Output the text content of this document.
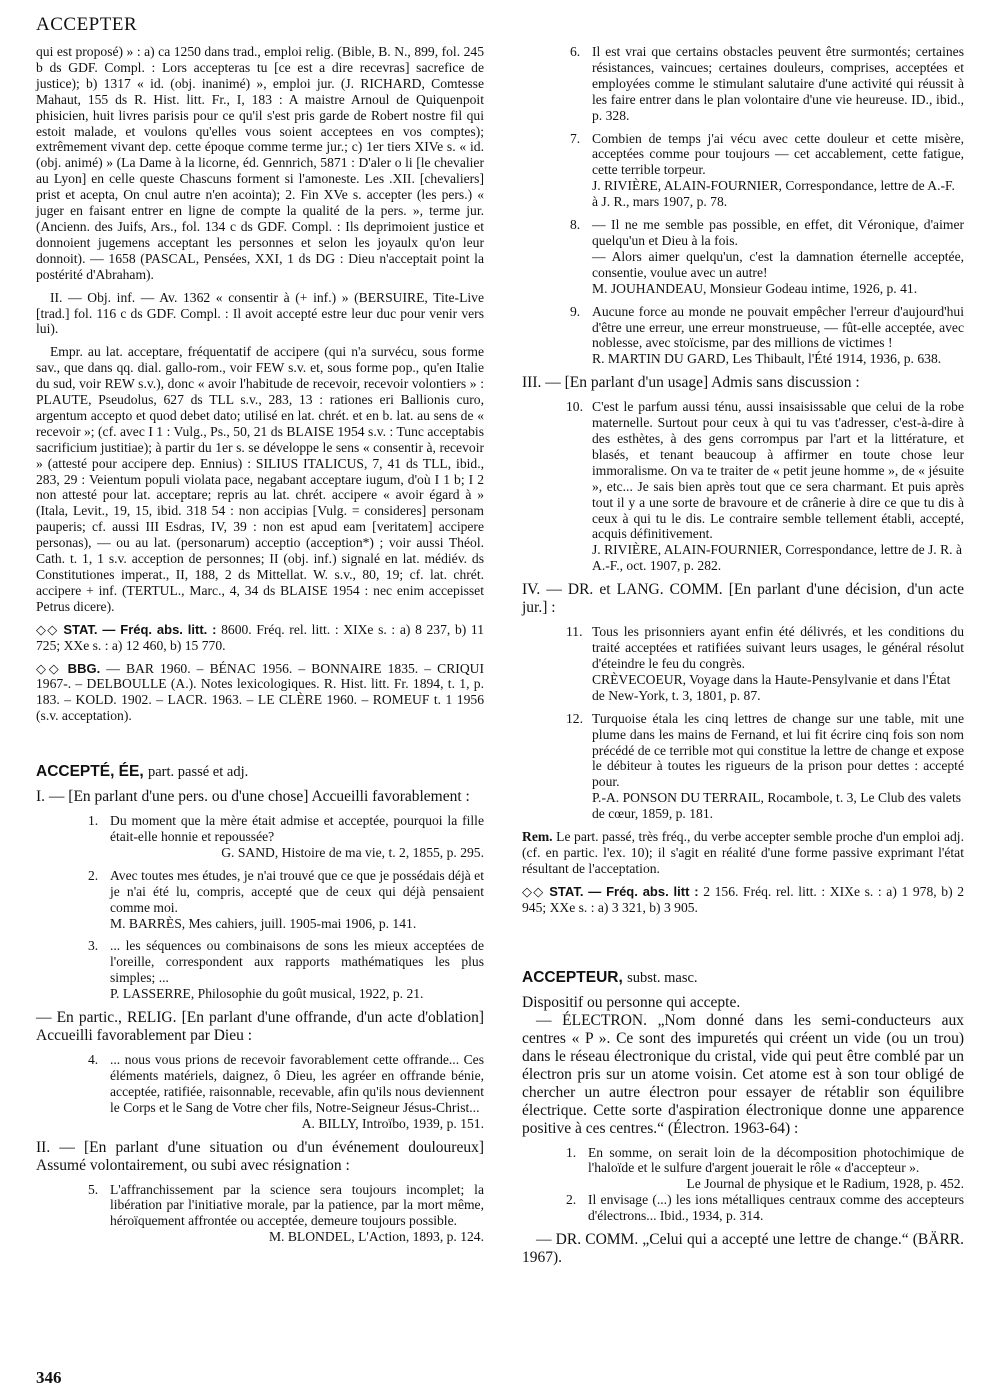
ACCEPTER

qui est proposé) » : a) ca 1250 dans trad., emploi relig. (Bible, B. N., 899, fol. 245 b ds GDF. Compl. : Lors accepteras tu [ce est a dire recevras] sacrefice de justice); b) 1317 « id. (obj. inanimé) », emploi jur. (J. RICHARD, Comtesse Mahaut, 155 ds R. Hist. litt. Fr., I, 183 : A maistre Arnoul de Quiquenpoit phisicien, huit livres parisis pour ce qu'il s'est pris garde de Robert nostre fil qui estoit malade, et voulons qu'elles vous soient acceptees en vos comptes); extrêmement vivant dep. cette époque comme terme jur.; c) 1er tiers XIVe s. « id. (obj. animé) » (La Dame à la licorne, éd. Gennrich, 5871 : D'aler o li [le chevalier au Lyon] en celle queste Chascuns forment si l'amoneste. Les .XII. [chevaliers] prist et acepta, On cnul autre n'en acointa); 2. Fin XVe s. accepter (les pers.) « juger en faisant entrer en ligne de compte la qualité de la pers. », terme jur. (Ancienn. des Juifs, Ars., fol. 134 c ds GDF. Compl. : Ils deprimoient justice et donnoient jugemens acceptant les personnes et selon les joyaulx qu'on leur donnoit). — 1658 (PASCAL, Pensées, XXI, 1 ds DG : Dieu n'acceptait point la postérité d'Abraham).

II. — Obj. inf. — Av. 1362 « consentir à (+ inf.) » (BERSUIRE, Tite-Live [trad.] fol. 116 c ds GDF. Compl. : Il avoit accepté estre leur duc pour venir vers lui).

Empr. au lat. acceptare, fréquentatif de accipere (qui n'a survécu, sous forme sav., que dans qq. dial. gallo-rom., voir FEW s.v. et, sous forme pop., qu'en Italie du sud, voir REW s.v.), donc « avoir l'habitude de recevoir, recevoir volontiers » : PLAUTE, Pseudolus, 627 ds TLL s.v., 283, 13 : rationes eri Ballionis curo, argentum accepto et quod debet dato; utilisé en lat. chrét. et en b. lat. au sens de « recevoir »; (cf. avec I 1 : Vulg., Ps., 50, 21 ds BLAISE 1954 s.v. : Tunc acceptabis sacrificium justitiae); à partir du 1er s. se développe le sens « consentir à, recevoir » (attesté pour accipere dep. Ennius) : SILIUS ITALICUS, 7, 41 ds TLL, ibid., 283, 29 : Veientum populi violata pace, negabant acceptare iugum, d'où I 1 b; I 2 non attesté pour lat. acceptare; repris au lat. chrét. accipere « avoir égard à » (Itala, Levit., 19, 15, ibid. 318 54 : non accipias [Vulg. = consideres] personam pauperis; cf. aussi III Esdras, IV, 39 : non est apud eam [veritatem] accipere personas), — ou au lat. (personarum) acceptio (acception*) ; voir aussi Théol. Cath. t. 1, 1 s.v. acception de personnes; II (obj. inf.) signalé en lat. médiév. ds Constitutiones imperat., II, 188, 2 ds Mittellat. W. s.v., 80, 19; cf. lat. chrét. accipere + inf. (TERTUL., Marc., 4, 34 ds BLAISE 1954 : nec enim accepisset Petrus dicere).

◇◇ STAT. — Fréq. abs. litt. : 8600. Fréq. rel. litt. : XIXe s. : a) 8 237, b) 11 725; XXe s. : a) 12 460, b) 15 770.

◇◇ BBG. — BAR 1960. – BÉNAC 1956. – BONNAIRE 1835. – CRIQUI 1967-. – DELBOULLE (A.). Notes lexicologiques. R. Hist. litt. Fr. 1894, t. 1, p. 183. – KOLD. 1902. – LACR. 1963. – LE CLÈRE 1960. – ROMEUF t. 1 1956 (s.v. acceptation).

ACCEPTÉ, ÉE, part. passé et adj.

I. — [En parlant d'une pers. ou d'une chose] Accueilli favorablement :

1. Du moment que la mère était admise et acceptée, pourquoi la fille était-elle honnie et repoussée?

G. SAND, Histoire de ma vie, t. 2, 1855, p. 295.

2. Avec toutes mes études, je n'ai trouvé que ce que je possédais déjà et je n'ai été lu, compris, accepté que de ceux qui déjà pensaient comme moi.

M. BARRÈS, Mes cahiers, juill. 1905-mai 1906, p. 141.

3. ... les séquences ou combinaisons de sons les mieux acceptées de l'oreille, correspondent aux rapports mathématiques les plus simples; ...

P. LASSERRE, Philosophie du goût musical, 1922, p. 21.

— En partic., RELIG. [En parlant d'une offrande, d'un acte d'oblation] Accueilli favorablement par Dieu :

4. ... nous vous prions de recevoir favorablement cette offrande... Ces éléments matériels, daignez, ô Dieu, les agréer en offrande bénie, acceptée, ratifiée, raisonnable, recevable, afin qu'ils nous deviennent le Corps et le Sang de Votre cher fils, Notre-Seigneur Jésus-Christ...

A. BILLY, Introïbo, 1939, p. 151.

II. — [En parlant d'une situation ou d'un événement douloureux] Assumé volontairement, ou subi avec résignation :

5. L'affranchissement par la science sera toujours incomplet; la libération par l'initiative morale, par la patience, par la mort même, héroïquement affrontée ou acceptée, demeure toujours possible.

M. BLONDEL, L'Action, 1893, p. 124.

6. Il est vrai que certains obstacles peuvent être surmontés; certaines résistances, vaincues; certaines douleurs, comprises, acceptées et employées comme le stimulant salutaire d'une activité qui réussit à les faire entrer dans le plan volontaire d'une vie heureuse. ID., ibid., p. 328.

7. Combien de temps j'ai vécu avec cette douleur et cette misère, acceptées comme pour toujours — cet accablement, cette fatigue, cette terrible torpeur.

J. RIVIÈRE, ALAIN-FOURNIER, Correspondance, lettre de A.-F. à J. R., mars 1907, p. 78.

8. — Il ne me semble pas possible, en effet, dit Véronique, d'aimer quelqu'un et Dieu à la fois.

— Alors aimer quelqu'un, c'est la damnation éternelle acceptée, consentie, voulue avec un autre!

M. JOUHANDEAU, Monsieur Godeau intime, 1926, p. 41.

9. Aucune force au monde ne pouvait empêcher l'erreur d'aujourd'hui d'être une erreur, une erreur monstrueuse, — fût-elle acceptée, avec noblesse, avec stoïcisme, par des millions de victimes !

R. MARTIN DU GARD, Les Thibault, l'Été 1914, 1936, p. 638.

III. — [En parlant d'un usage] Admis sans discussion :

10. C'est le parfum aussi ténu, aussi insaisissable que celui de la robe maternelle. Surtout pour ceux à qui tu vas t'adresser, c'est-à-dire à des esthètes, à des gens corrompus par l'art et la littérature, et blasés, et tenant beaucoup à affirmer en toute chose leur immoralisme. On va te traiter de « petit jeune homme », de « jésuite », etc... Je sais bien après tout que ce sera charmant. Et puis après tout il y a une sorte de bravoure et de crânerie à dire ce que tu dis à ceux à qui tu le dis. Le contraire semble tellement établi, accepté, acquis définitivement.

J. RIVIÈRE, ALAIN-FOURNIER, Correspondance, lettre de J. R. à A.-F., oct. 1907, p. 282.

IV. — DR. et LANG. COMM. [En parlant d'une décision, d'un acte jur.] :

11. Tous les prisonniers ayant enfin été délivrés, et les conditions du traité acceptées et ratifiées suivant leurs usages, le général résolut d'éteindre le feu du congrès.

CRÈVECOEUR, Voyage dans la Haute-Pensylvanie et dans l'État de New-York, t. 3, 1801, p. 87.

12. Turquoise étala les cinq lettres de change sur une table, mit une plume dans les mains de Fernand, et lui fit écrire cinq fois son nom précédé de ce terrible mot qui constitue la lettre de change et expose le débiteur à toutes les rigueurs de la prison pour dettes : accepté pour.

P.-A. PONSON DU TERRAIL, Rocambole, t. 3, Le Club des valets de cœur, 1859, p. 181.

Rem. Le part. passé, très fréq., du verbe accepter semble proche d'un emploi adj. (cf. en partic. l'ex. 10); il s'agit en réalité d'une forme passive exprimant l'état résultant de l'acceptation.

◇◇ STAT. — Fréq. abs. litt : 2 156. Fréq. rel. litt. : XIXe s. : a) 1 978, b) 2 945; XXe s. : a) 3 321, b) 3 905.

ACCEPTEUR, subst. masc.

Dispositif ou personne qui accepte.

— ÉLECTRON. „Nom donné dans les semi-conducteurs aux centres « P ». Ce sont des impuretés qui créent un vide (ou un trou) dans le réseau électronique du cristal, vide qui peut être comblé par un électron pris sur un atome voisin. Cet atome est à son tour obligé de chercher un autre électron pour essayer de rétablir son équilibre électrique. Cette sorte d'aspiration électronique donne une apparence positive à ces centres.“ (Électron. 1963-64) :

1. En somme, on serait loin de la décomposition photochimique de l'haloïde et le sulfure d'argent jouerait le rôle « d'accepteur ».

Le Journal de physique et le Radium, 1928, p. 452.

2. Il envisage (...) les ions métalliques centraux comme des accepteurs d'électrons... Ibid., 1934, p. 314.

— DR. COMM. „Celui qui a accepté une lettre de change.“ (BÄRR. 1967).

346
